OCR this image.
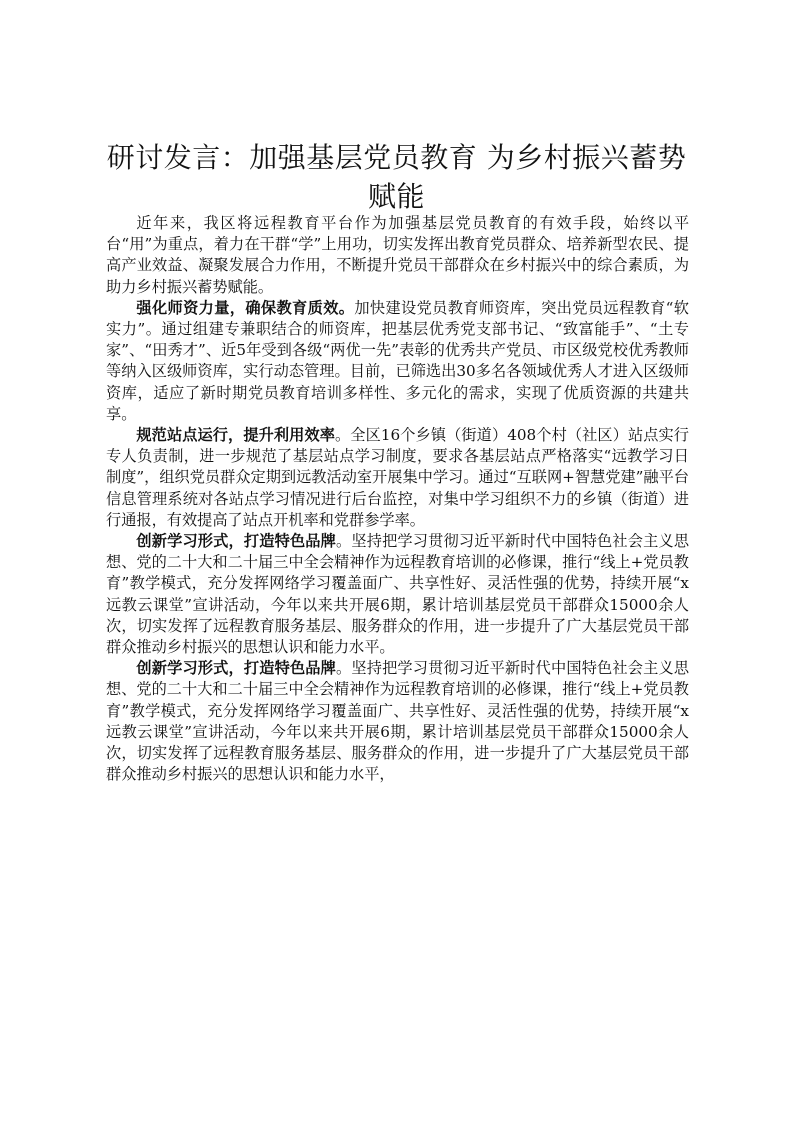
研讨发言：加强基层党员教育 为乡村振兴蓄势赋能

近年来，我区将远程教育平台作为加强基层党员教育的有效手段，始终以平台“用”为重点，着力在干群“学”上用功，切实发挥出教育党员群众、培养新型农民、提高产业效益、凝聚发展合力作用，不断提升党员干部群众在乡村振兴中的综合素质，为助力乡村振兴蓄势赋能。

强化师资力量，确保教育质效。加快建设党员教育师资库，突出党员远程教育“软实力”。通过组建专兼职结合的师资库，把基层优秀党支部书记、“致富能手”、“土专家”、“田秀才”、近5年受到各级“两优一先”表彰的优秀共产党员、市区级党校优秀教师等纳入区级师资库，实行动态管理。目前，已筛选出30多名各领域优秀人才进入区级师资库，适应了新时期党员教育培训多样性、多元化的需求，实现了优质资源的共建共享。

规范站点运行，提升利用效率。全区16个乡镇（街道）408个村（社区）站点实行专人负责制，进一步规范了基层站点学习制度，要求各基层站点严格落实“远教学习日制度”，组织党员群众定期到远教活动室开展集中学习。通过“互联网+智慧党建”融平台信息管理系统对各站点学习情况进行后台监控，对集中学习组织不力的乡镇（街道）进行通报，有效提高了站点开机率和党群参学率。

创新学习形式，打造特色品牌。坚持把学习贯彻习近平新时代中国特色社会主义思想、党的二十大和二十届三中全会精神作为远程教育培训的必修课，推行“线上+党员教育”教学模式，充分发挥网络学习覆盖面广、共享性好、灵活性强的优势，持续开展“x远教云课堂”宣讲活动，今年以来共开展6期，累计培训基层党员干部群众15000余人次，切实发挥了远程教育服务基层、服务群众的作用，进一步提升了广大基层党员干部群众推动乡村振兴的思想认识和能力水平。

创新学习形式，打造特色品牌。坚持把学习贯彻习近平新时代中国特色社会主义思想、党的二十大和二十届三中全会精神作为远程教育培训的必修课，推行“线上+党员教育”教学模式，充分发挥网络学习覆盖面广、共享性好、灵活性强的优势，持续开展“x远教云课堂”宣讲活动，今年以来共开展6期，累计培训基层党员干部群众15000余人次，切实发挥了远程教育服务基层、服务群众的作用，进一步提升了广大基层党员干部群众推动乡村振兴的思想认识和能力水平，
